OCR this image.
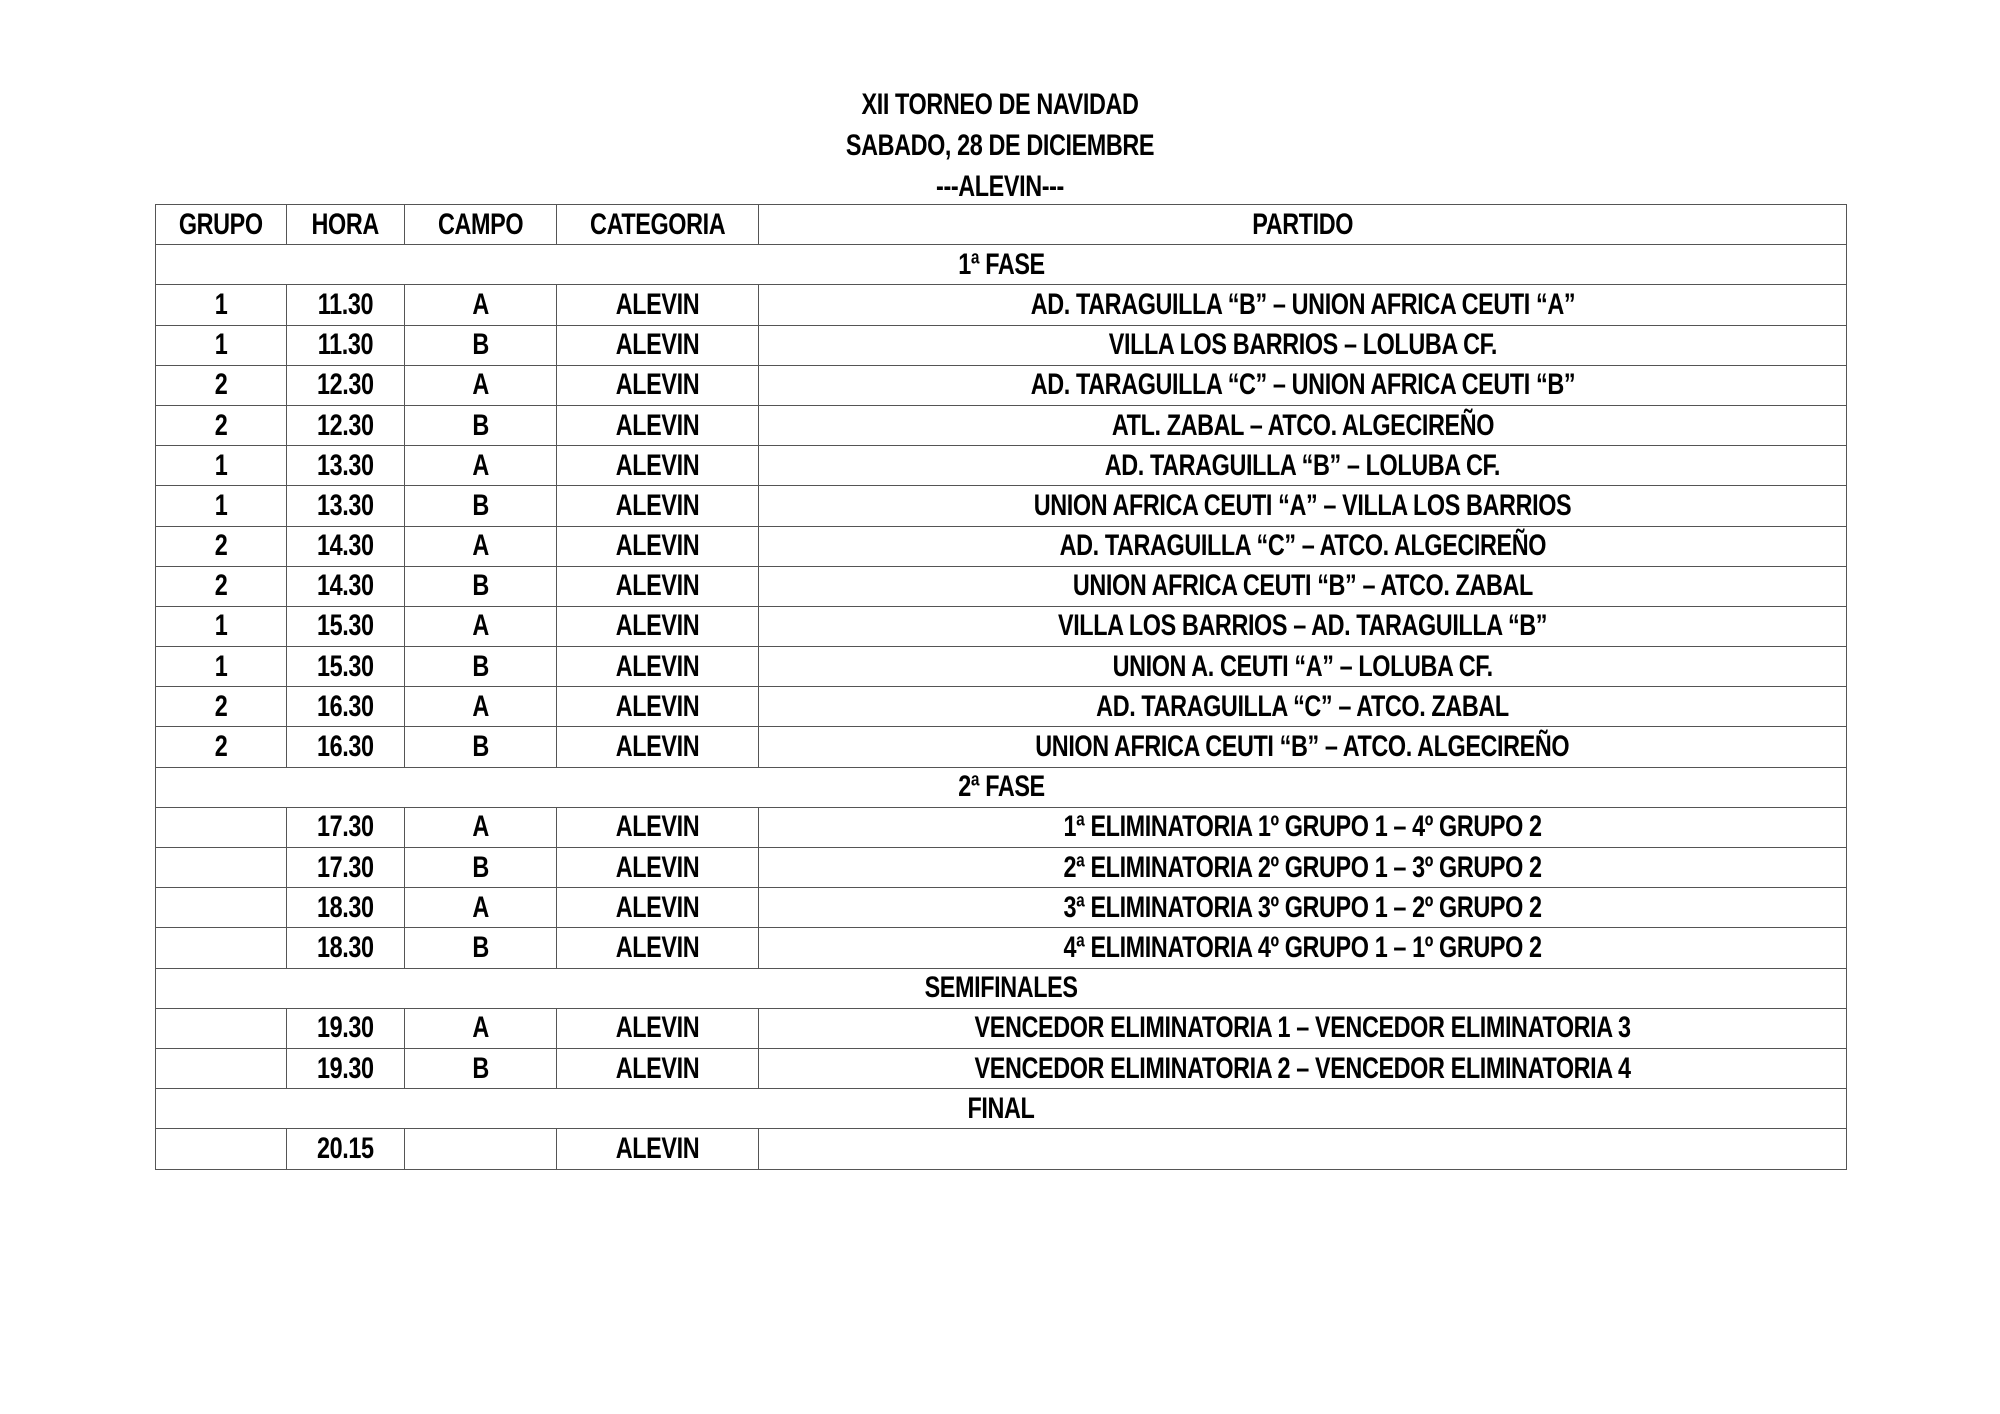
XII TORNEO DE NAVIDAD
SABADO, 28 DE DICIEMBRE
---ALEVIN---
GRUPO	HORA	CAMPO	CATEGORIA	PARTIDO
1ª FASE				
1	11.30	A	ALEVIN	AD. TARAGUILLA “B” – UNION AFRICA CEUTI “A”
1	11.30	B	ALEVIN	VILLA LOS BARRIOS – LOLUBA CF.
2	12.30	A	ALEVIN	AD. TARAGUILLA “C” – UNION AFRICA CEUTI “B”
2	12.30	B	ALEVIN	ATL. ZABAL – ATCO. ALGECIREÑO
1	13.30	A	ALEVIN	AD. TARAGUILLA “B” – LOLUBA CF.
1	13.30	B	ALEVIN	UNION AFRICA CEUTI “A” – VILLA LOS BARRIOS
2	14.30	A	ALEVIN	AD. TARAGUILLA “C” – ATCO. ALGECIREÑO
2	14.30	B	ALEVIN	UNION AFRICA CEUTI “B” – ATCO. ZABAL
1	15.30	A	ALEVIN	VILLA LOS BARRIOS – AD. TARAGUILLA “B”
1	15.30	B	ALEVIN	UNION A. CEUTI “A” – LOLUBA CF.
2	16.30	A	ALEVIN	AD. TARAGUILLA “C” – ATCO. ZABAL
2	16.30	B	ALEVIN	UNION AFRICA CEUTI “B” – ATCO. ALGECIREÑO
2ª FASE				
	17.30	A	ALEVIN	1ª ELIMINATORIA 1º GRUPO 1 – 4º GRUPO 2
	17.30	B	ALEVIN	2ª ELIMINATORIA 2º GRUPO 1 – 3º GRUPO 2
	18.30	A	ALEVIN	3ª ELIMINATORIA 3º GRUPO 1 – 2º GRUPO 2
	18.30	B	ALEVIN	4ª ELIMINATORIA 4º GRUPO 1 – 1º GRUPO 2
SEMIFINALES				
	19.30	A	ALEVIN	VENCEDOR ELIMINATORIA 1 – VENCEDOR ELIMINATORIA 3
	19.30	B	ALEVIN	VENCEDOR ELIMINATORIA 2 – VENCEDOR ELIMINATORIA 4
FINAL				
	20.15		ALEVIN	
